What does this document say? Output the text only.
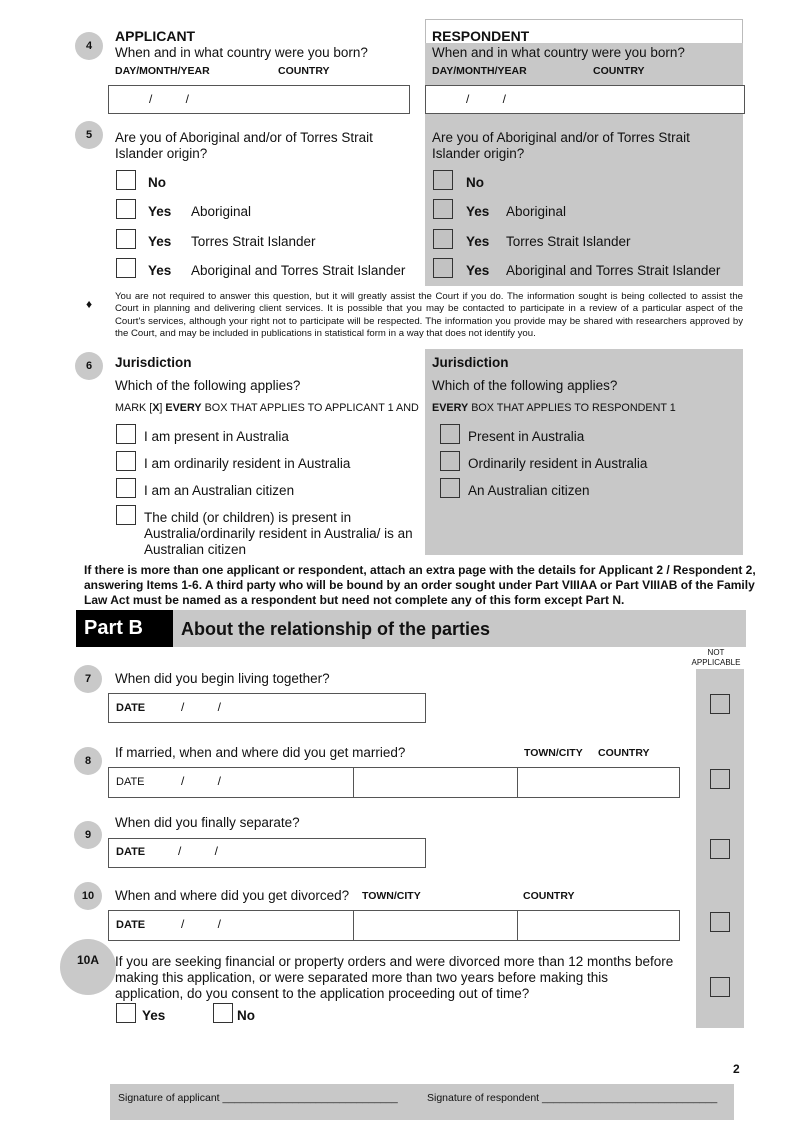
4
APPLICANT
When and in what country were you born?
DAY/MONTH/YEAR	COUNTRY
/          /
RESPONDENT
When and in what country were you born?
DAY/MONTH/YEAR	COUNTRY
/          /
5	Are you of Aboriginal and/or of Torres Strait
Islander origin?
Are you of Aboriginal and/or of Torres Strait
Islander origin?
No
Yes Aboriginal
Yes Torres Strait Islander
Yes Aboriginal and Torres Strait Islander
No
Yes Aboriginal
Yes Torres Strait Islander
Yes Aboriginal and Torres Strait Islander
♦
You are not required to answer this question, but it will greatly assist the Court if you do. The information sought is being collected to assist the Court in planning and delivering client services. It is possible that you may be contacted to participate in a review of a particular aspect of the Court's services, although your right not to participate will be respected. The information you provide may be shared with researchers approved by the Court, and may be included in publications in statistical form in a way that does not identify you.
6	Jurisdiction
Which of the following applies?
MARK [X] EVERY BOX THAT APPLIES TO APPLICANT 1 AND
Jurisdiction
Which of the following applies?
EVERY BOX THAT APPLIES TO RESPONDENT 1
I am present in Australia
I am ordinarily resident in Australia
I am an Australian citizen
The child (or children) is present in
Australia/ordinarily resident in Australia/ is an
Australian citizen
Present in Australia
Ordinarily resident in Australia
An Australian citizen
If there is more than one applicant or respondent, attach an extra page with the details for Applicant 2 / Respondent 2,
answering Items 1-6. A third party who will be bound by an order sought under Part VIIIAA or Part VIIIAB of the Family
Law Act must be named as a respondent but need not complete any of this form except Part N.
Part B	About the relationship of the parties
NOT
APPLICABLE
7	When did you begin living together?
DATE	/          /
8
If married, when and where did you get married?	TOWN/CITY COUNTRY
DATE	/          /
9
When did you finally separate?
DATE	/          /
10	When and where did you get divorced? TOWN/CITY	COUNTRY
DATE	/          /
10A	If you are seeking financial or property orders and were divorced more than 12 months before
making this application, or were separated more than two years before making this
application, do you consent to the application proceeding out of time?
Yes	No
2
Signature of applicant ______________________________	Signature of respondent ______________________________
